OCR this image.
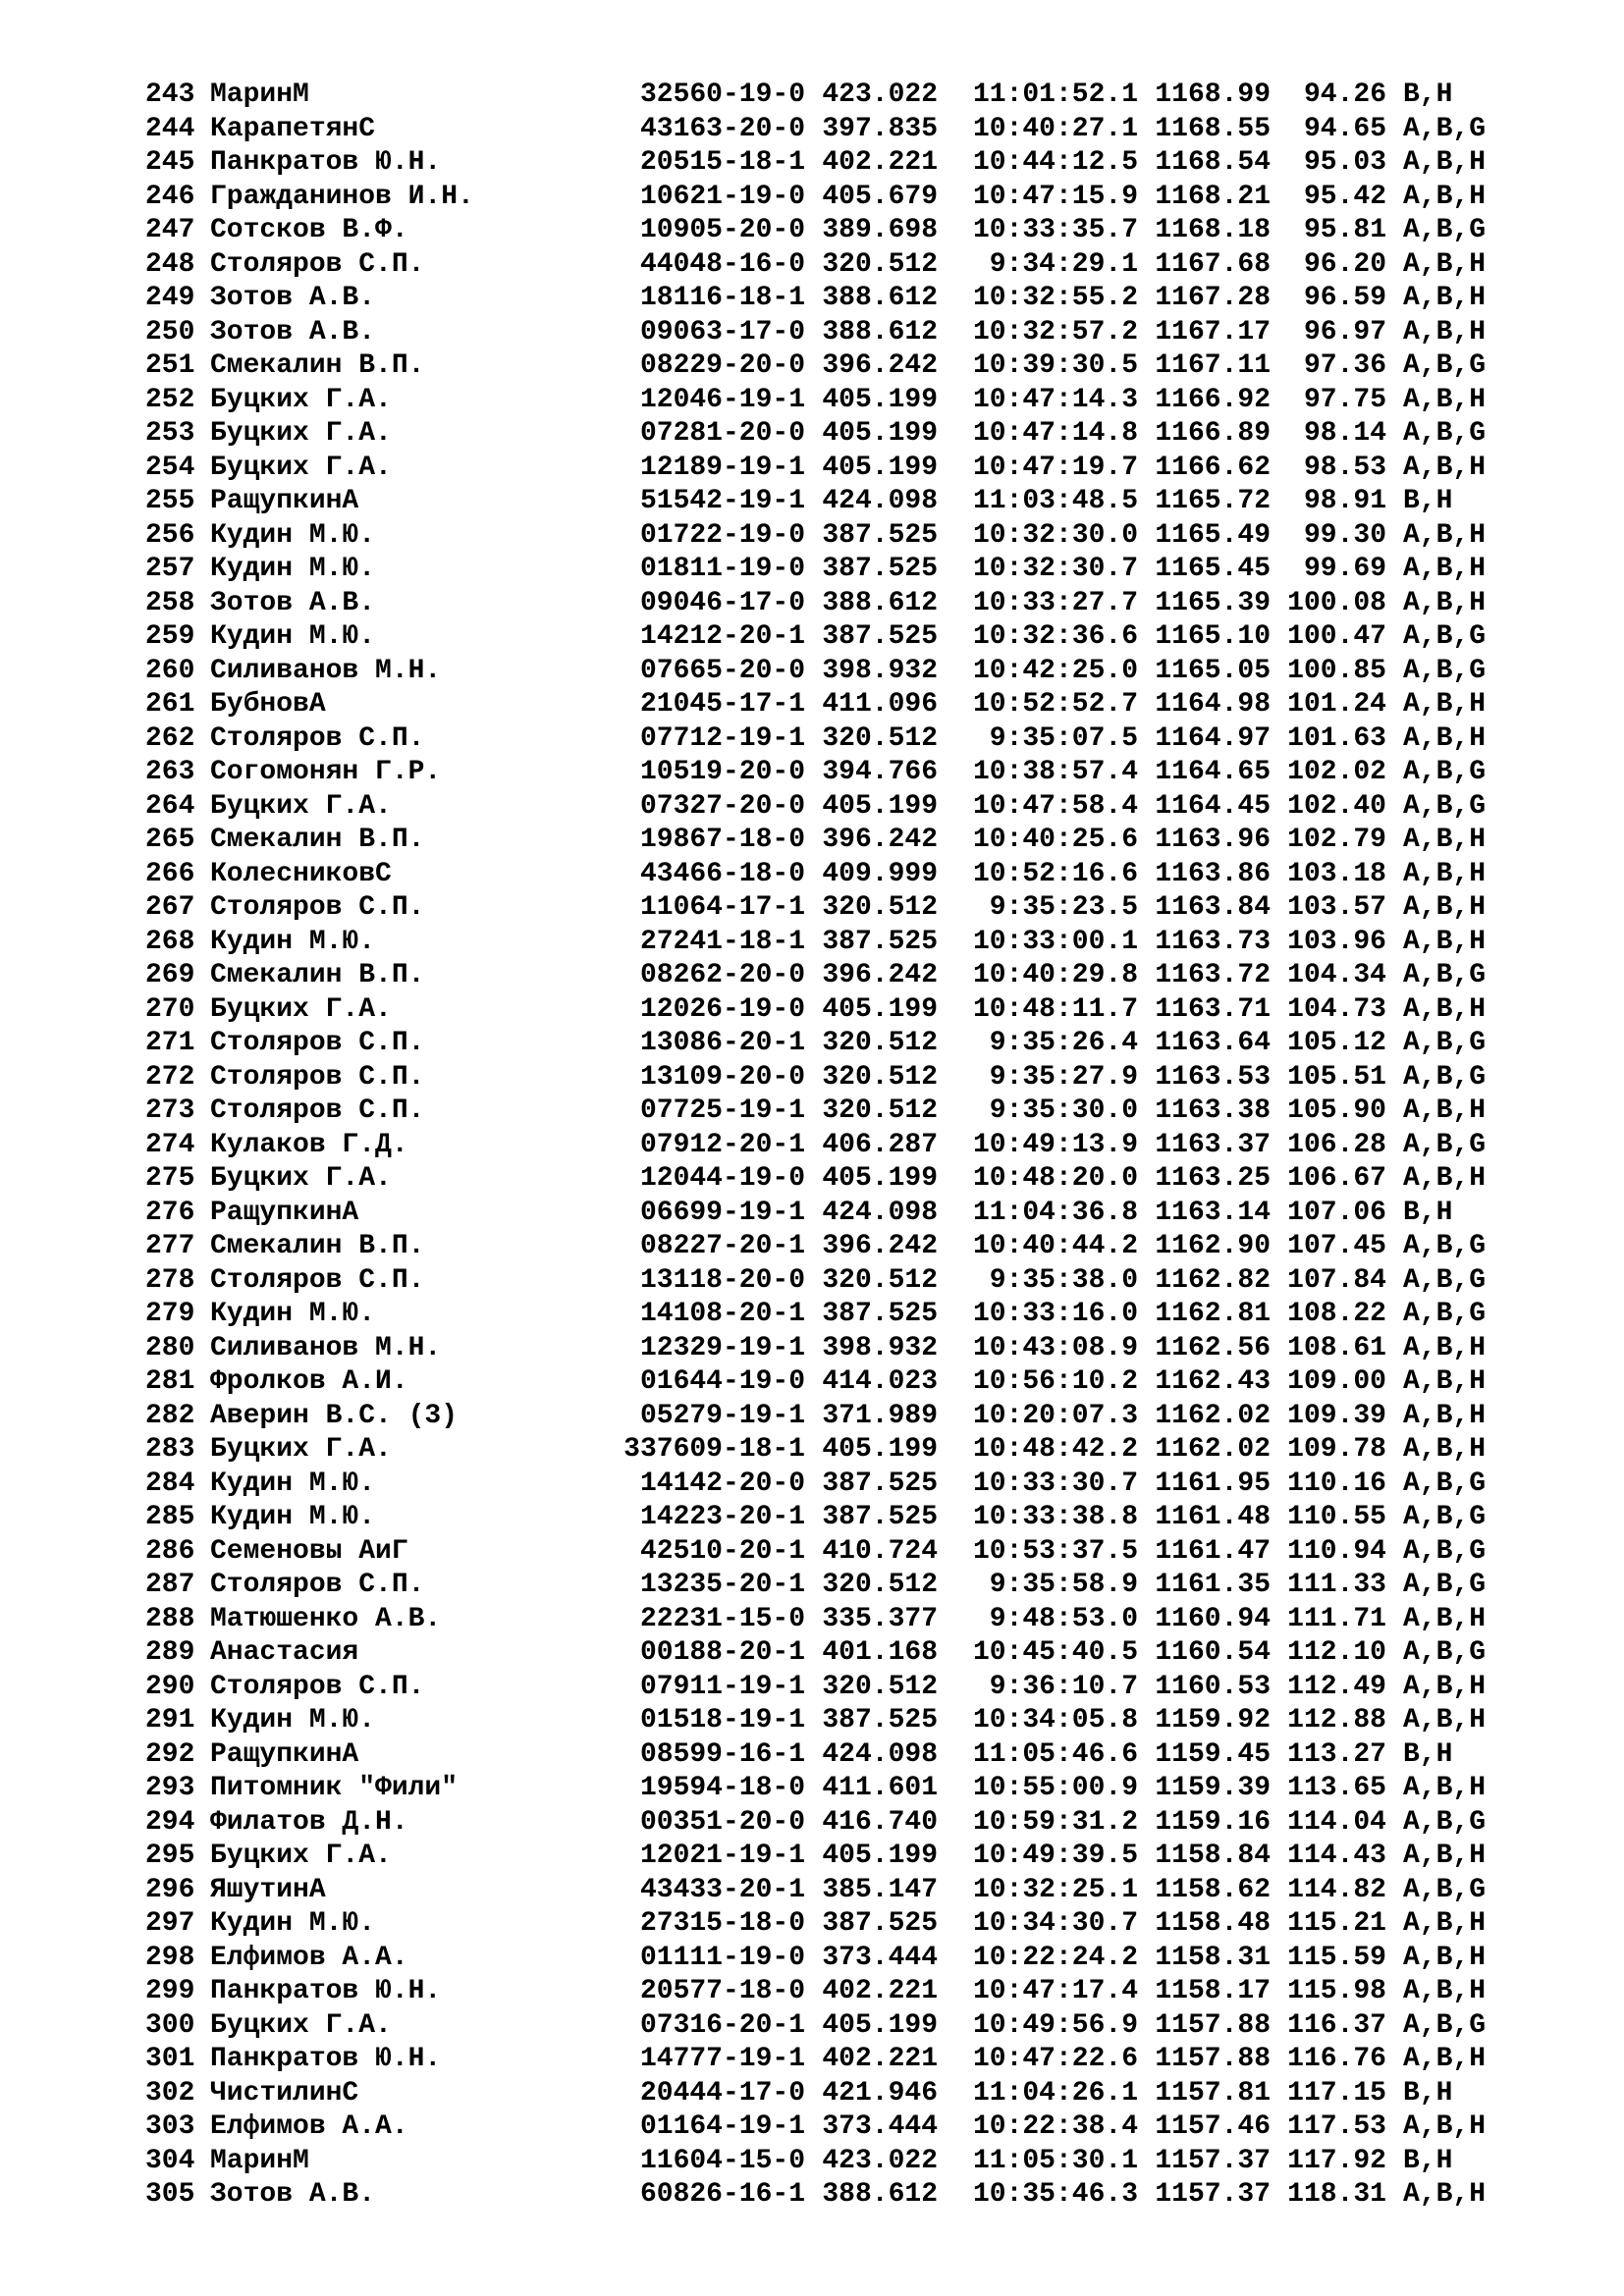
243 МаринМ	32560-19-0 423.022 11:01:52.1 1168.99 94.26 B,H
244 КарапетянС	43163-20-0 397.835 10:40:27.1 1168.55 94.65 A,B,G
245 Панкратов Ю.Н.	20515-18-1 402.221 10:44:12.5 1168.54 95.03 A,B,H
246 Гражданинов И.Н.	10621-19-0 405.679 10:47:15.9 1168.21 95.42 A,B,H
247 Сотсков В.Ф.	10905-20-0 389.698 10:33:35.7 1168.18 95.81 A,B,G
248 Столяров С.П.	44048-16-0 320.512 9:34:29.1 1167.68 96.20 A,B,H
249 Зотов А.В.	18116-18-1 388.612 10:32:55.2 1167.28 96.59 A,B,H
250 Зотов А.В.	09063-17-0 388.612 10:32:57.2 1167.17 96.97 A,B,H
251 Смекалин В.П.	08229-20-0 396.242 10:39:30.5 1167.11 97.36 A,B,G
252 Буцких Г.А.	12046-19-1 405.199 10:47:14.3 1166.92 97.75 A,B,H
253 Буцких Г.А.	07281-20-0 405.199 10:47:14.8 1166.89 98.14 A,B,G
254 Буцких Г.А.	12189-19-1 405.199 10:47:19.7 1166.62 98.53 A,B,H
255 РащупкинА	51542-19-1 424.098 11:03:48.5 1165.72 98.91 B,H
256 Кудин М.Ю.	01722-19-0 387.525 10:32:30.0 1165.49 99.30 A,B,H
257 Кудин М.Ю.	01811-19-0 387.525 10:32:30.7 1165.45 99.69 A,B,H
258 Зотов А.В.	09046-17-0 388.612 10:33:27.7 1165.39 100.08 A,B,H
259 Кудин М.Ю.	14212-20-1 387.525 10:32:36.6 1165.10 100.47 A,B,G
260 Силиванов М.Н.	07665-20-0 398.932 10:42:25.0 1165.05 100.85 A,B,G
261 БубновА	21045-17-1 411.096 10:52:52.7 1164.98 101.24 A,B,H
262 Столяров С.П.	07712-19-1 320.512 9:35:07.5 1164.97 101.63 A,B,H
263 Согомонян Г.Р.	10519-20-0 394.766 10:38:57.4 1164.65 102.02 A,B,G
264 Буцких Г.А.	07327-20-0 405.199 10:47:58.4 1164.45 102.40 A,B,G
265 Смекалин В.П.	19867-18-0 396.242 10:40:25.6 1163.96 102.79 A,B,H
266 КолесниковС	43466-18-0 409.999 10:52:16.6 1163.86 103.18 A,B,H
267 Столяров С.П.	11064-17-1 320.512 9:35:23.5 1163.84 103.57 A,B,H
268 Кудин М.Ю.	27241-18-1 387.525 10:33:00.1 1163.73 103.96 A,B,H
269 Смекалин В.П.	08262-20-0 396.242 10:40:29.8 1163.72 104.34 A,B,G
270 Буцких Г.А.	12026-19-0 405.199 10:48:11.7 1163.71 104.73 A,B,H
271 Столяров С.П.	13086-20-1 320.512 9:35:26.4 1163.64 105.12 A,B,G
272 Столяров С.П.	13109-20-0 320.512 9:35:27.9 1163.53 105.51 A,B,G
273 Столяров С.П.	07725-19-1 320.512 9:35:30.0 1163.38 105.90 A,B,H
274 Кулаков Г.Д.	07912-20-1 406.287 10:49:13.9 1163.37 106.28 A,B,G
275 Буцких Г.А.	12044-19-0 405.199 10:48:20.0 1163.25 106.67 A,B,H
276 РащупкинА	06699-19-1 424.098 11:04:36.8 1163.14 107.06 B,H
277 Смекалин В.П.	08227-20-1 396.242 10:40:44.2 1162.90 107.45 A,B,G
278 Столяров С.П.	13118-20-0 320.512 9:35:38.0 1162.82 107.84 A,B,G
279 Кудин М.Ю.	14108-20-1 387.525 10:33:16.0 1162.81 108.22 A,B,G
280 Силиванов М.Н.	12329-19-1 398.932 10:43:08.9 1162.56 108.61 A,B,H
281 Фролков А.И.	01644-19-0 414.023 10:56:10.2 1162.43 109.00 A,B,H
282 Аверин В.С. (3)	05279-19-1 371.989 10:20:07.3 1162.02 109.39 A,B,H
283 Буцких Г.А.	337609-18-1 405.199 10:48:42.2 1162.02 109.78 A,B,H
284 Кудин М.Ю.	14142-20-0 387.525 10:33:30.7 1161.95 110.16 A,B,G
285 Кудин М.Ю.	14223-20-1 387.525 10:33:38.8 1161.48 110.55 A,B,G
286 Семеновы АиГ	42510-20-1 410.724 10:53:37.5 1161.47 110.94 A,B,G
287 Столяров С.П.	13235-20-1 320.512 9:35:58.9 1161.35 111.33 A,B,G
288 Матюшенко А.В.	22231-15-0 335.377 9:48:53.0 1160.94 111.71 A,B,H
289 Анастасия	00188-20-1 401.168 10:45:40.5 1160.54 112.10 A,B,G
290 Столяров С.П.	07911-19-1 320.512 9:36:10.7 1160.53 112.49 A,B,H
291 Кудин М.Ю.	01518-19-1 387.525 10:34:05.8 1159.92 112.88 A,B,H
292 РащупкинА	08599-16-1 424.098 11:05:46.6 1159.45 113.27 B,H
293 Питомник "Фили"	19594-18-0 411.601 10:55:00.9 1159.39 113.65 A,B,H
294 Филатов Д.Н.	00351-20-0 416.740 10:59:31.2 1159.16 114.04 A,B,G
295 Буцких Г.А.	12021-19-1 405.199 10:49:39.5 1158.84 114.43 A,B,H
296 ЯшутинА	43433-20-1 385.147 10:32:25.1 1158.62 114.82 A,B,G
297 Кудин М.Ю.	27315-18-0 387.525 10:34:30.7 1158.48 115.21 A,B,H
298 Елфимов А.А.	01111-19-0 373.444 10:22:24.2 1158.31 115.59 A,B,H
299 Панкратов Ю.Н.	20577-18-0 402.221 10:47:17.4 1158.17 115.98 A,B,H
300 Буцких Г.А.	07316-20-1 405.199 10:49:56.9 1157.88 116.37 A,B,G
301 Панкратов Ю.Н.	14777-19-1 402.221 10:47:22.6 1157.88 116.76 A,B,H
302 ЧистилинС	20444-17-0 421.946 11:04:26.1 1157.81 117.15 B,H
303 Елфимов А.А.	01164-19-1 373.444 10:22:38.4 1157.46 117.53 A,B,H
304 МаринМ	11604-15-0 423.022 11:05:30.1 1157.37 117.92 B,H
305 Зотов А.В.	60826-16-1 388.612 10:35:46.3 1157.37 118.31 A,B,H
